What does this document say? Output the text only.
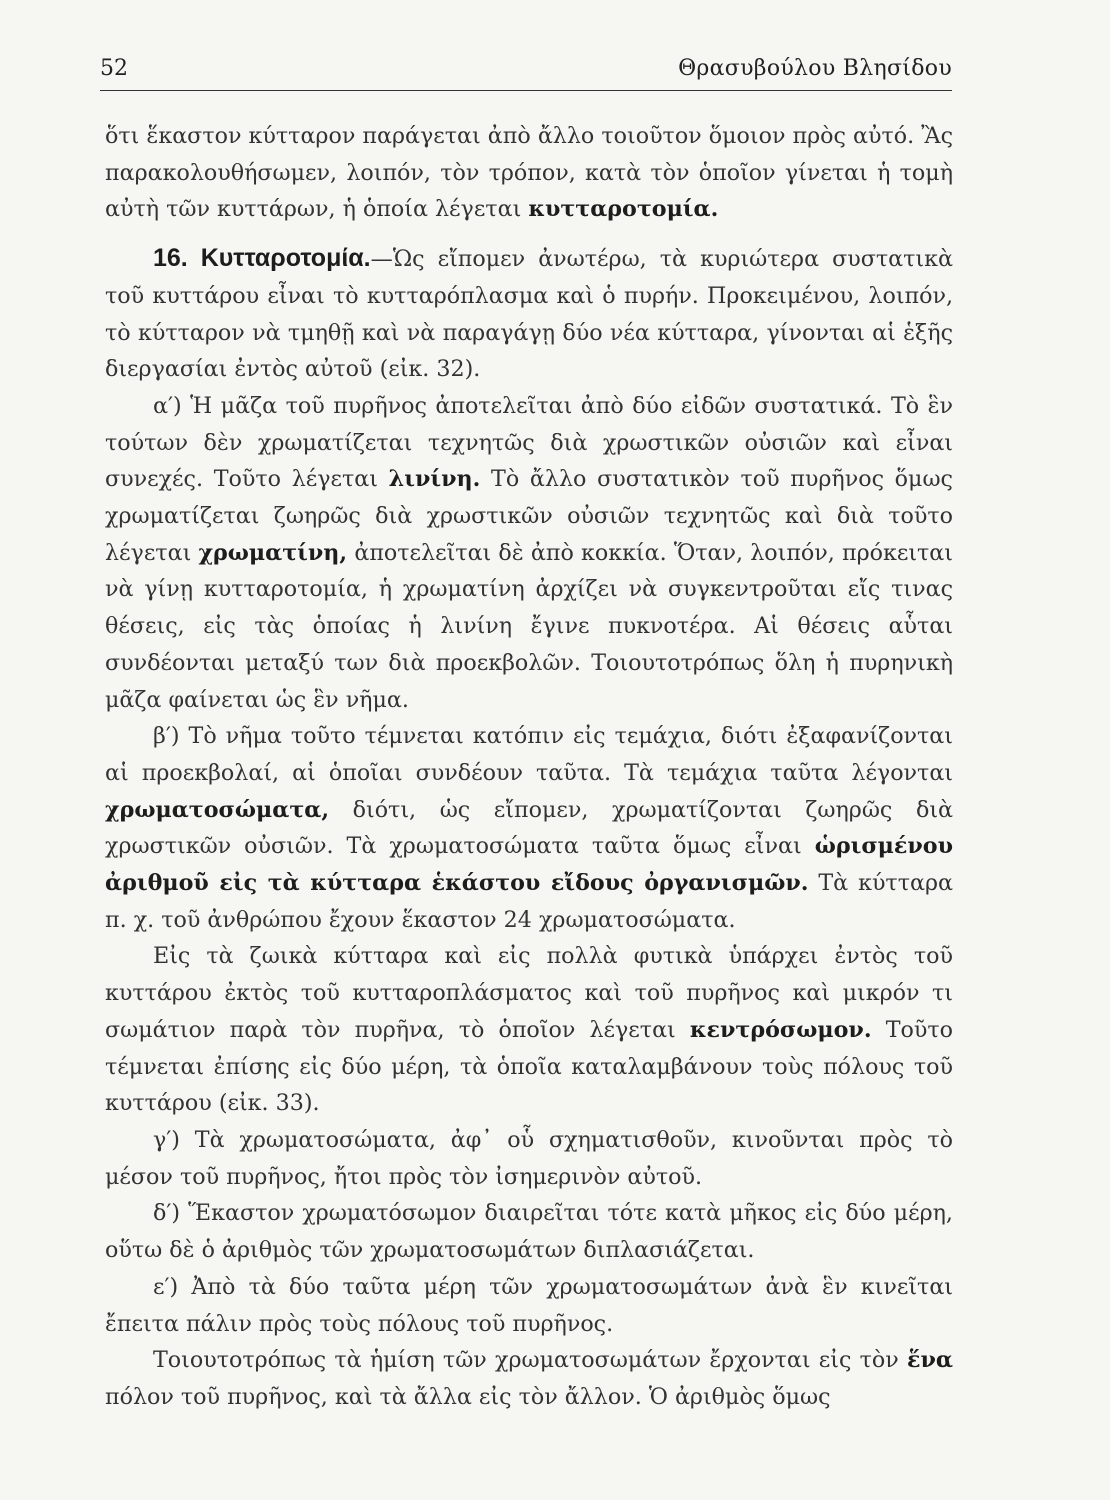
52	Θρασυβούλου Βλησίδου

ὅτι ἕκαστον κύτταρον παράγεται ἀπὸ ἄλλο τοιοῦτον ὅμοιον πρὸς αὐτό. Ἂς παρακολουθήσωμεν, λοιπόν, τὸν τρόπον, κατὰ τὸν ὁποῖον γίνεται ἡ τομὴ αὐτὴ τῶν κυττάρων, ἡ ὁποία λέγεται κυτταροτομία.

16. Κυτταροτομία.—Ὡς εἴπομεν ἀνωτέρω, τὰ κυριώτερα συστατικὰ τοῦ κυττάρου εἶναι τὸ κυτταρόπλασμα καὶ ὁ πυρήν. Προκειμένου, λοιπόν, τὸ κύτταρον νὰ τμηθῇ καὶ νὰ παραγάγῃ δύο νέα κύτταρα, γίνονται αἱ ἑξῆς διεργασίαι ἐντὸς αὐτοῦ (εἰκ. 32).

α′) Ἡ μᾶζα τοῦ πυρῆνος ἀποτελεῖται ἀπὸ δύο εἰδῶν συστατικά. Τὸ ἓν τούτων δὲν χρωματίζεται τεχνητῶς διὰ χρωστικῶν οὐσιῶν καὶ εἶναι συνεχές. Τοῦτο λέγεται λινίνη. Τὸ ἄλλο συστατικὸν τοῦ πυρῆνος ὅμως χρωματίζεται ζωηρῶς διὰ χρωστικῶν οὐσιῶν τεχνητῶς καὶ διὰ τοῦτο λέγεται χρωματίνη, ἀποτελεῖται δὲ ἀπὸ κοκκία. Ὅταν, λοιπόν, πρόκειται νὰ γίνῃ κυτταροτομία, ἡ χρωματίνη ἀρχίζει νὰ συγκεντροῦται εἴς τινας θέσεις, εἰς τὰς ὁποίας ἡ λινίνη ἔγινε πυκνοτέρα. Αἱ θέσεις αὗται συνδέονται μεταξύ των διὰ προεκβολῶν. Τοιουτοτρόπως ὅλη ἡ πυρηνικὴ μᾶζα φαίνεται ὡς ἓν νῆμα.

β′) Τὸ νῆμα τοῦτο τέμνεται κατόπιν εἰς τεμάχια, διότι ἐξαφανίζονται αἱ προεκβολαί, αἱ ὁποῖαι συνδέουν ταῦτα. Τὰ τεμάχια ταῦτα λέγονται χρωματοσώματα, διότι, ὡς εἴπομεν, χρωματίζονται ζωηρῶς διὰ χρωστικῶν οὐσιῶν. Τὰ χρωματοσώματα ταῦτα ὅμως εἶναι ὡρισμένου ἀριθμοῦ εἰς τὰ κύτταρα ἑκάστου εἴδους ὀργανισμῶν. Τὰ κύτταρα π. χ. τοῦ ἀνθρώπου ἔχουν ἕκαστον 24 χρωματοσώματα.

Εἰς τὰ ζωικὰ κύτταρα καὶ εἰς πολλὰ φυτικὰ ὑπάρχει ἐντὸς τοῦ κυττάρου ἐκτὸς τοῦ κυτταροπλάσματος καὶ τοῦ πυρῆνος καὶ μικρόν τι σωμάτιον παρὰ τὸν πυρῆνα, τὸ ὁποῖον λέγεται κεντρόσωμον. Τοῦτο τέμνεται ἐπίσης εἰς δύο μέρη, τὰ ὁποῖα καταλαμβάνουν τοὺς πόλους τοῦ κυττάρου (εἰκ. 33).

γ′) Τὰ χρωματοσώματα, ἀφ᾽ οὗ σχηματισθοῦν, κινοῦνται πρὸς τὸ μέσον τοῦ πυρῆνος, ἤτοι πρὸς τὸν ἰσημερινὸν αὐτοῦ.

δ′) Ἕκαστον χρωματόσωμον διαιρεῖται τότε κατὰ μῆκος εἰς δύο μέρη, οὕτω δὲ ὁ ἀριθμὸς τῶν χρωματοσωμάτων διπλασιάζεται.

ε′) Ἀπὸ τὰ δύο ταῦτα μέρη τῶν χρωματοσωμάτων ἀνὰ ἓν κινεῖται ἔπειτα πάλιν πρὸς τοὺς πόλους τοῦ πυρῆνος.

Τοιουτοτρόπως τὰ ἡμίση τῶν χρωματοσωμάτων ἔρχονται εἰς τὸν ἕνα πόλον τοῦ πυρῆνος, καὶ τὰ ἄλλα εἰς τὸν ἄλλον. Ὁ ἀριθμὸς ὅμως
